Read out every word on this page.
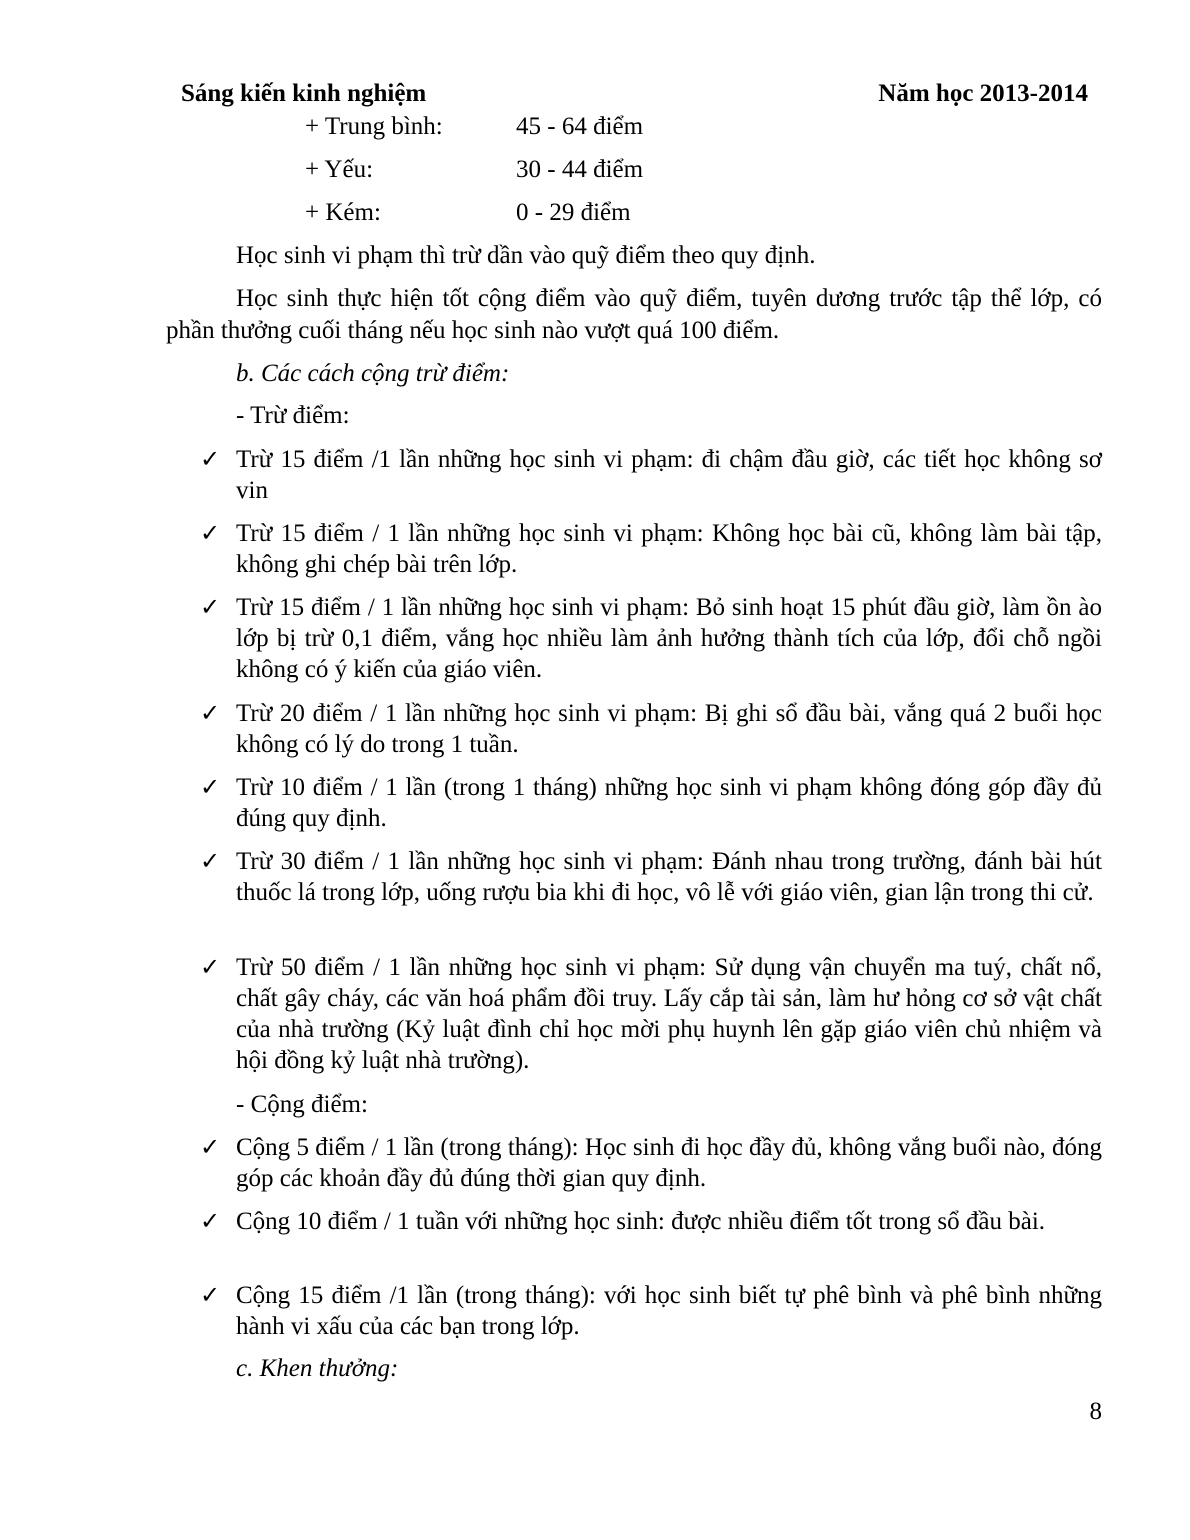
Sáng kiến kinh nghiệm	Năm học 2013-2014
+ Trung bình:	45 - 64 điểm
+ Yếu:	30 - 44 điểm
+ Kém:	0 - 29 điểm
Học sinh vi phạm thì trừ dần vào quỹ điểm theo quy định.
Học sinh thực hiện tốt cộng điểm vào quỹ điểm, tuyên dương trước tập thể lớp, có phần thưởng cuối tháng nếu học sinh nào vượt quá 100 điểm.
b. Các cách cộng trừ điểm:
- Trừ điểm:
✓ Trừ 15 điểm /1 lần những học sinh vi phạm: đi chậm đầu giờ, các tiết học không sơ vin
✓ Trừ 15 điểm / 1 lần những học sinh vi phạm: Không học bài cũ, không làm bài tập, không ghi chép bài trên lớp.
✓ Trừ 15 điểm / 1 lần những học sinh vi phạm: Bỏ sinh hoạt 15 phút đầu giờ, làm ồn ào lớp bị trừ 0,1 điểm, vắng học nhiều làm ảnh hưởng thành tích của lớp, đổi chỗ ngồi không có ý kiến của giáo viên.
✓ Trừ 20 điểm / 1 lần những học sinh vi phạm: Bị ghi sổ đầu bài, vắng quá 2 buổi học không có lý do trong 1 tuần.
✓ Trừ 10 điểm / 1 lần (trong 1 tháng) những học sinh vi phạm không đóng góp đầy đủ đúng quy định.
✓ Trừ 30 điểm / 1 lần những học sinh vi phạm: Đánh nhau trong trường, đánh bài hút thuốc lá trong lớp, uống rượu bia khi đi học, vô lễ với giáo viên, gian lận trong thi cử.
✓ Trừ 50 điểm / 1 lần những học sinh vi phạm: Sử dụng vận chuyển ma tuý, chất nổ, chất gây cháy, các văn hoá phẩm đồi truy. Lấy cắp tài sản, làm hư hỏng cơ sở vật chất của nhà trường (Kỷ luật đình chỉ học mời phụ huynh lên gặp giáo viên chủ nhiệm và hội đồng kỷ luật nhà trường).
- Cộng điểm:
✓ Cộng 5 điểm / 1 lần (trong tháng): Học sinh đi học đầy đủ, không vắng buổi nào, đóng góp các khoản đầy đủ đúng thời gian quy định.
✓ Cộng 10 điểm / 1 tuần với những học sinh: được nhiều điểm tốt trong sổ đầu bài.
✓ Cộng 15 điểm /1 lần (trong tháng): với học sinh biết tự phê bình và phê bình những hành vi xấu của các bạn trong lớp.
c. Khen thưởng:
8
